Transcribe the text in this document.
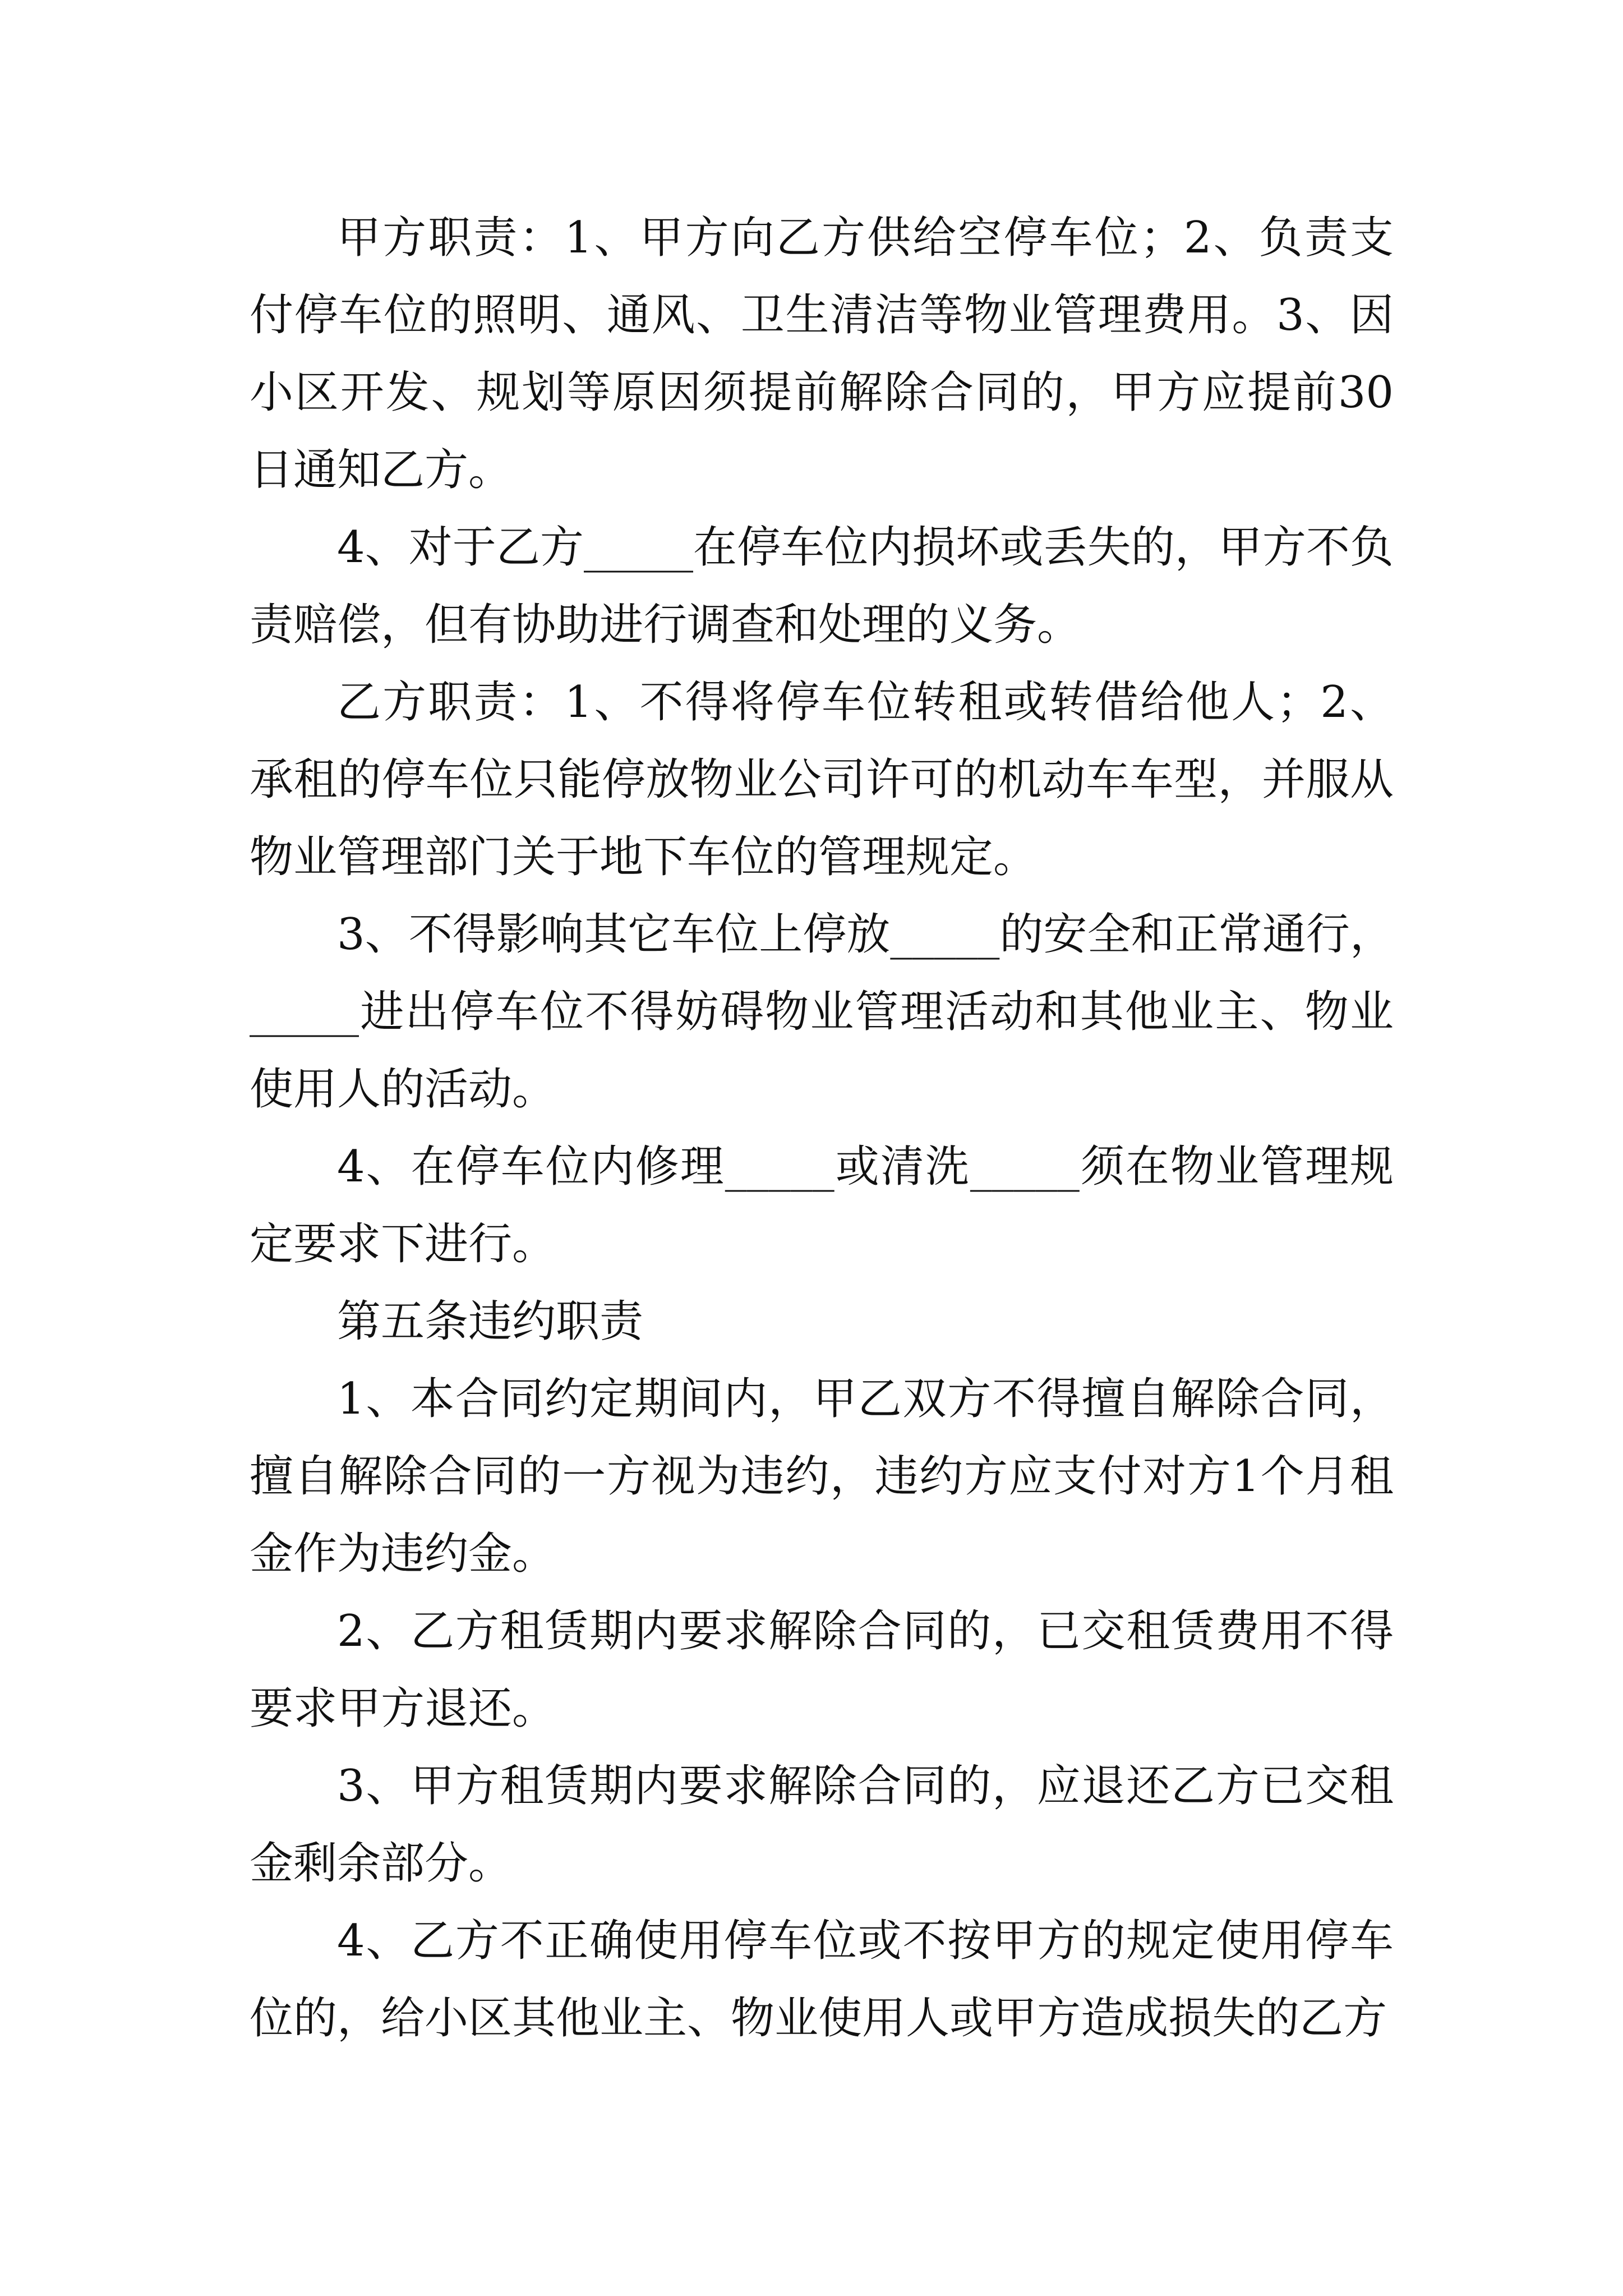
甲方职责：1、甲方向乙方供给空停车位；2、负责支付停车位的照明、通风、卫生清洁等物业管理费用。3、因小区开发、规划等原因须提前解除合同的，甲方应提前30日通知乙方。

4、对于乙方_____在停车位内损坏或丢失的，甲方不负责赔偿，但有协助进行调查和处理的义务。

乙方职责：1、不得将停车位转租或转借给他人；2、承租的停车位只能停放物业公司许可的机动车车型，并服从物业管理部门关于地下车位的管理规定。

3、不得影响其它车位上停放_____的安全和正常通行，_____进出停车位不得妨碍物业管理活动和其他业主、物业使用人的活动。

4、在停车位内修理_____或清洗_____须在物业管理规定要求下进行。

第五条违约职责

1、本合同约定期间内，甲乙双方不得擅自解除合同，擅自解除合同的一方视为违约，违约方应支付对方1个月租金作为违约金。

2、乙方租赁期内要求解除合同的，已交租赁费用不得要求甲方退还。

3、甲方租赁期内要求解除合同的，应退还乙方已交租金剩余部分。

4、乙方不正确使用停车位或不按甲方的规定使用停车位的，给小区其他业主、物业使用人或甲方造成损失的乙方
